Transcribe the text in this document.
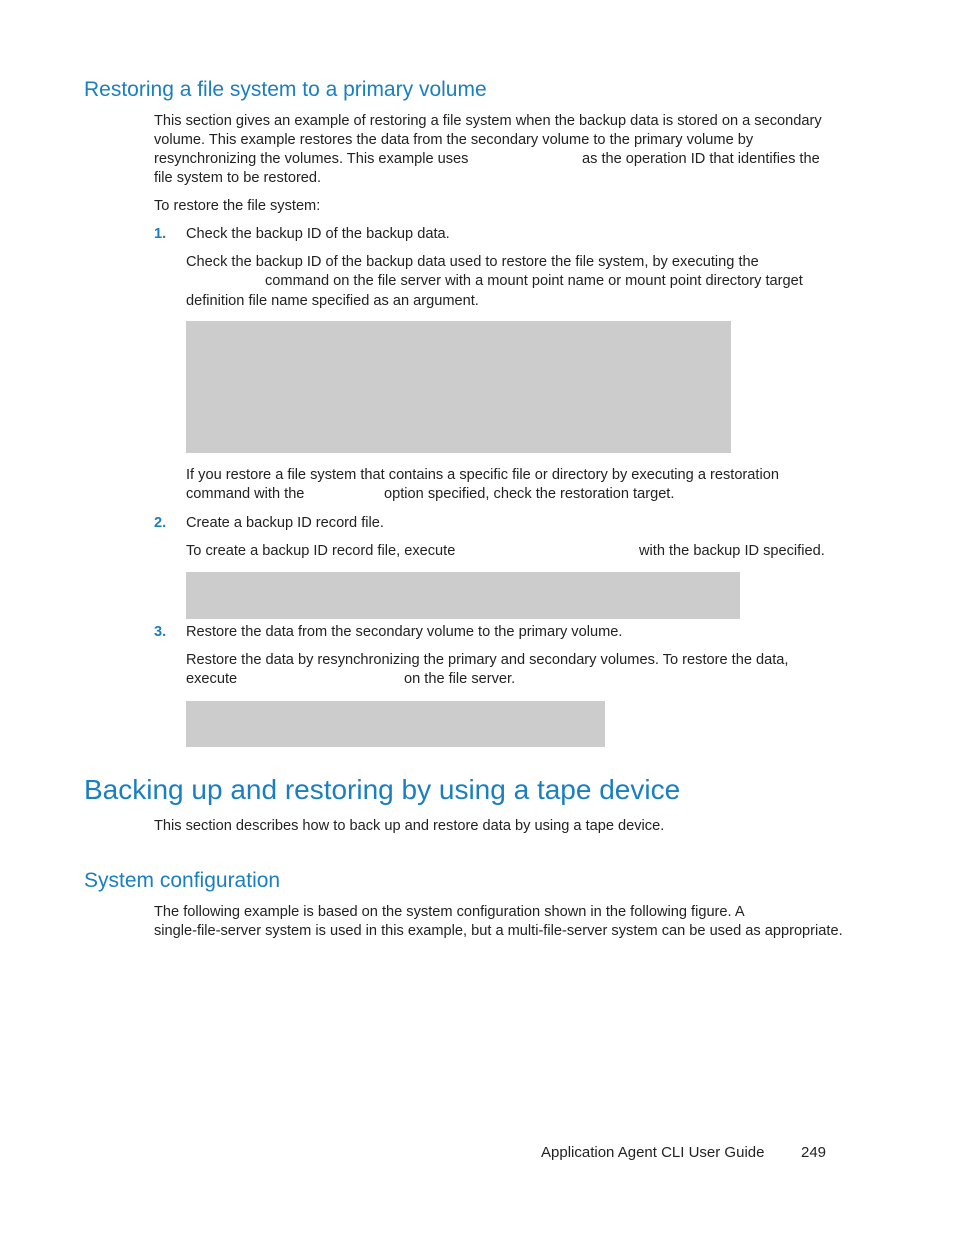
Restoring a file system to a primary volume
This section gives an example of restoring a file system when the backup data is stored on a secondary
volume. This example restores the data from the secondary volume to the primary volume by
resynchronizing the volumes. This example uses	as the operation ID that identifies the
file system to be restored.
To restore the file system:
1. Check the backup ID of the backup data.
Check the backup ID of the backup data used to restore the file system, by executing the
command on the file server with a mount point name or mount point directory target
definition file name specified as an argument.
If you restore a file system that contains a specific file or directory by executing a restoration
command with the	option specified, check the restoration target.
2. Create a backup ID record file.
To create a backup ID record file, execute	with the backup ID specified.
3. Restore the data from the secondary volume to the primary volume.
Restore the data by resynchronizing the primary and secondary volumes. To restore the data,
execute	on the file server.
Backing up and restoring by using a tape device
This section describes how to back up and restore data by using a tape device.
System configuration
The following example is based on the system configuration shown in the following figure. A
single-file-server system is used in this example, but a multi-file-server system can be used as appropriate.
Application Agent CLI User Guide 249
